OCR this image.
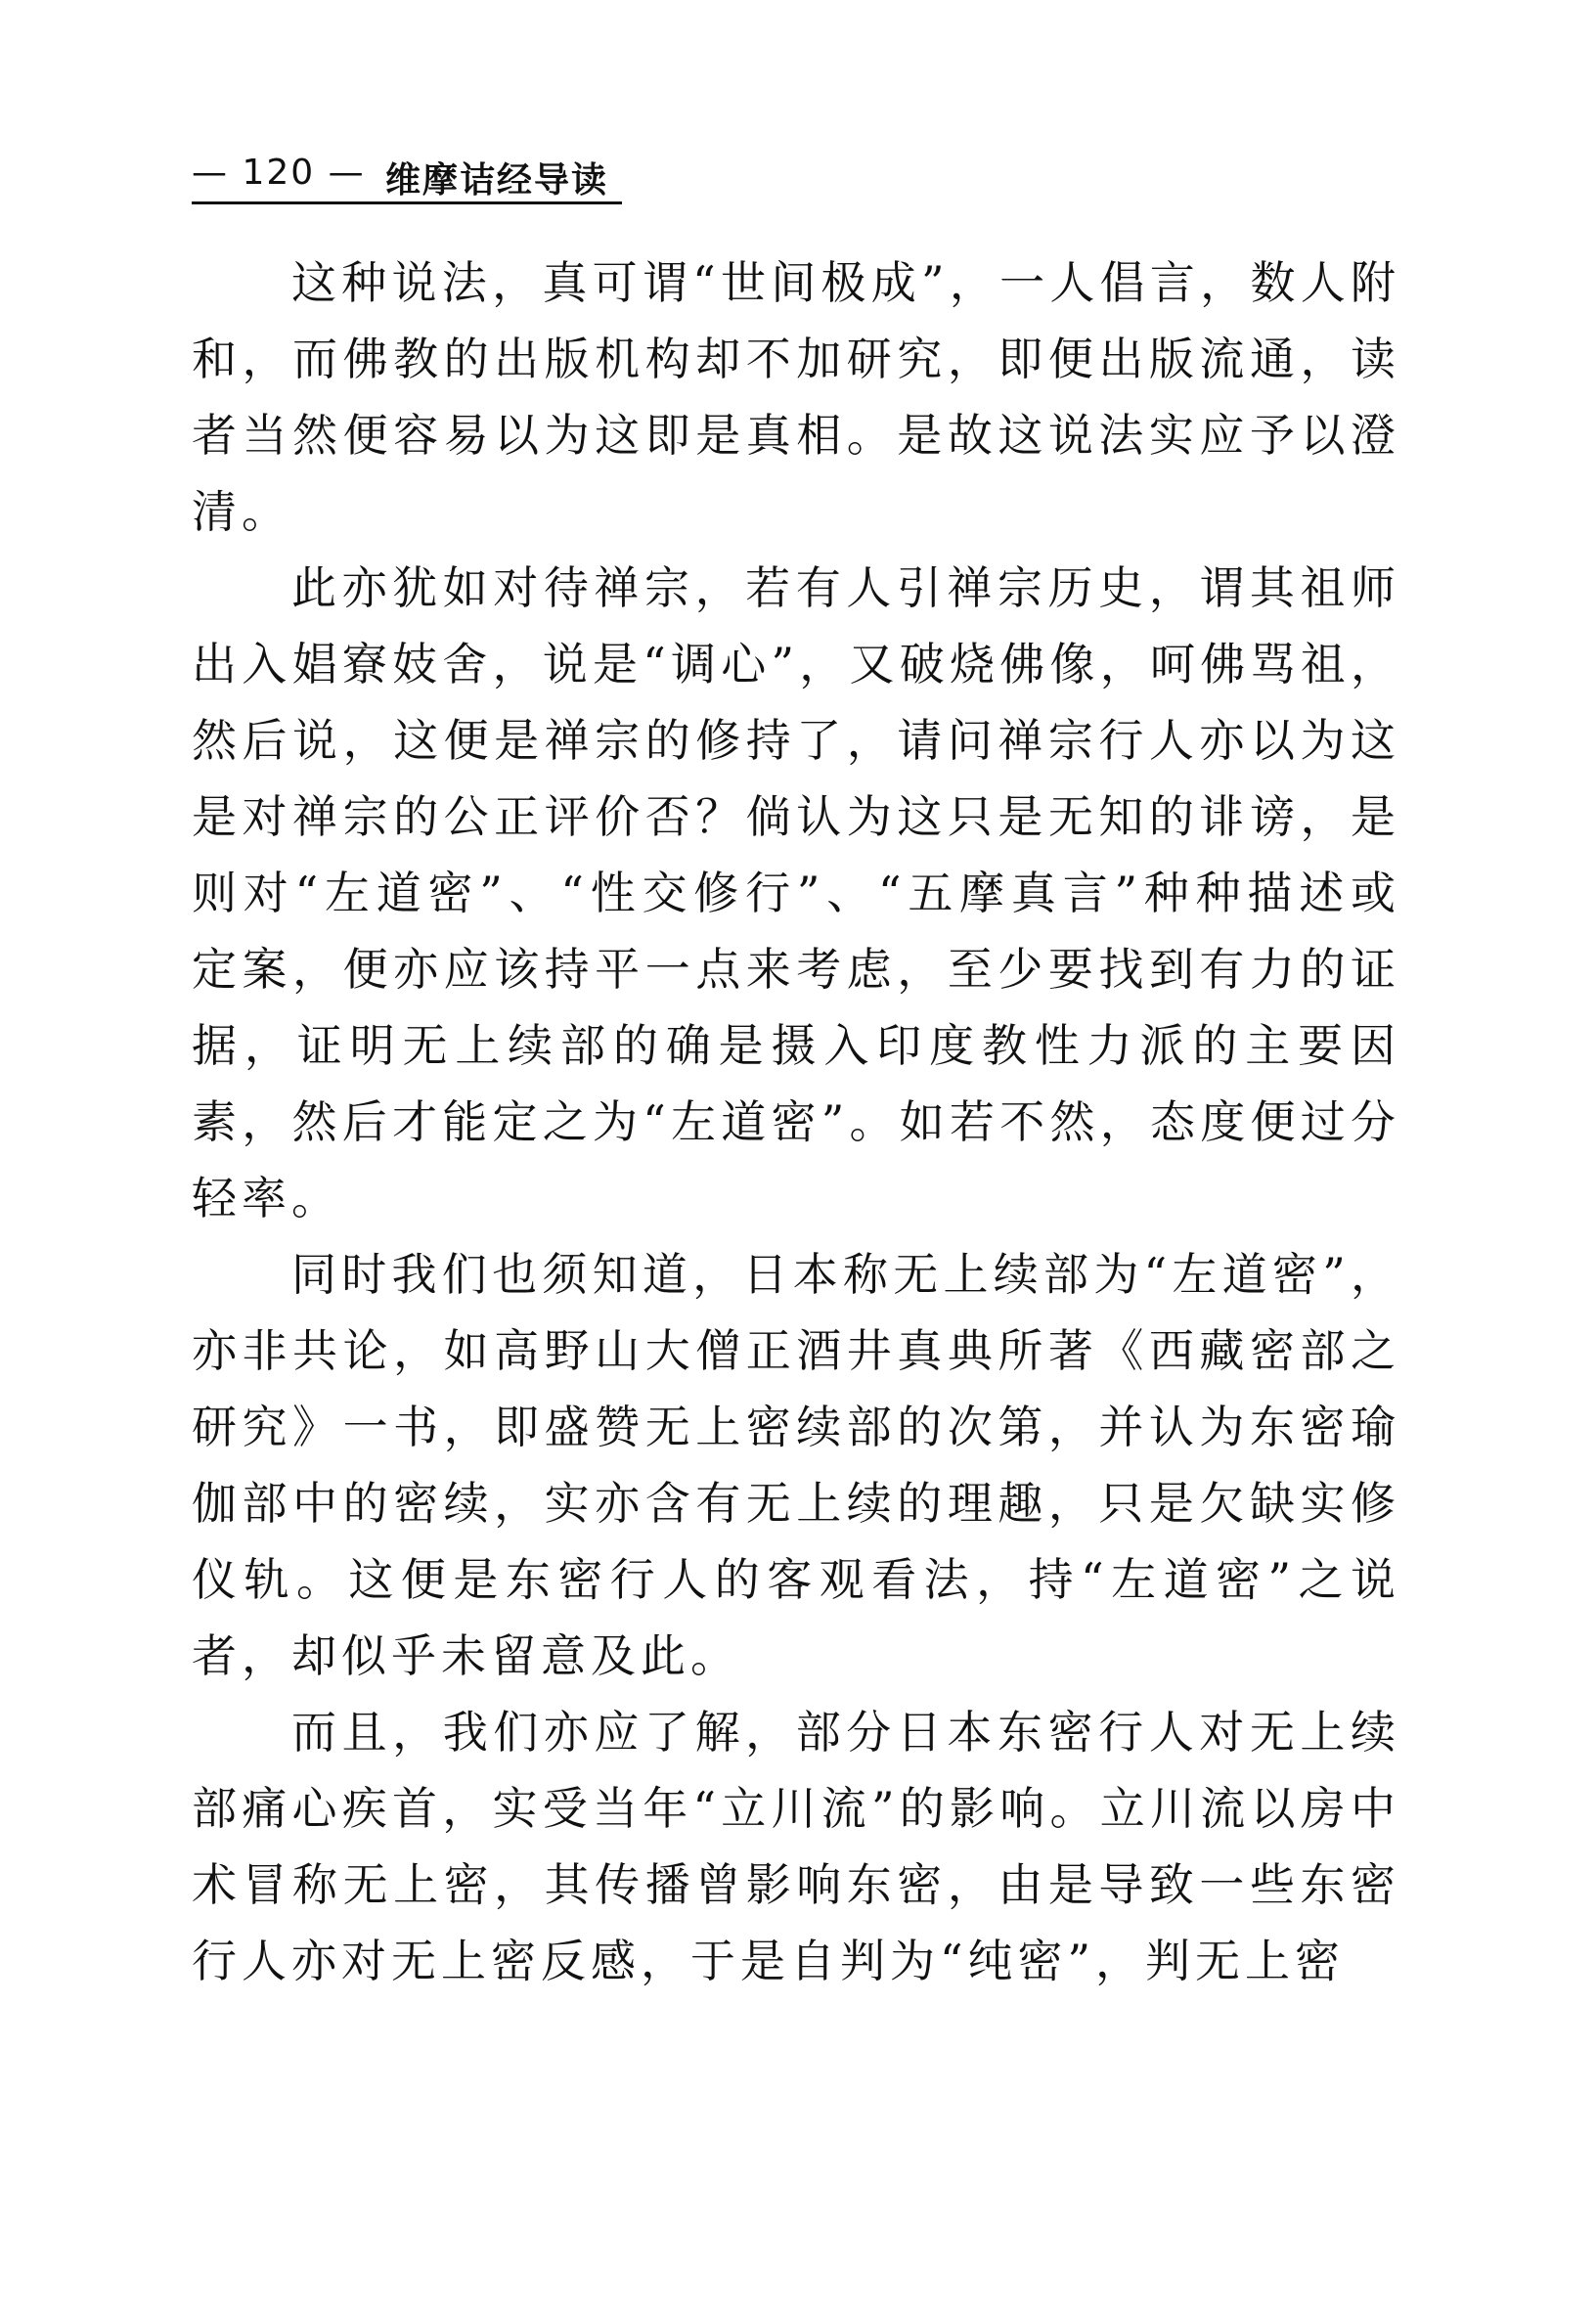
— 120 — 维摩诘经导读

这种说法，真可谓“世间极成”，一人倡言，数人附和，而佛教的出版机构却不加研究，即便出版流通，读者当然便容易以为这即是真相。是故这说法实应予以澄清。

此亦犹如对待禅宗，若有人引禅宗历史，谓其祖师出入娼寮妓舍，说是“调心”，又破烧佛像，呵佛骂祖，然后说，这便是禅宗的修持了，请问禅宗行人亦以为这是对禅宗的公正评价否？倘认为这只是无知的诽谤，是则对“左道密”、“性交修行”、“五摩真言”种种描述或定案，便亦应该持平一点来考虑，至少要找到有力的证据，证明无上续部的确是摄入印度教性力派的主要因素，然后才能定之为“左道密”。如若不然，态度便过分轻率。

同时我们也须知道，日本称无上续部为“左道密”，亦非共论，如高野山大僧正酒井真典所著《西藏密部之研究》一书，即盛赞无上密续部的次第，并认为东密瑜伽部中的密续，实亦含有无上续的理趣，只是欠缺实修仪轨。这便是东密行人的客观看法，持“左道密”之说者，却似乎未留意及此。

而且，我们亦应了解，部分日本东密行人对无上续部痛心疾首，实受当年“立川流”的影响。立川流以房中术冒称无上密，其传播曾影响东密，由是导致一些东密行人亦对无上密反感，于是自判为“纯密”，判无上密
